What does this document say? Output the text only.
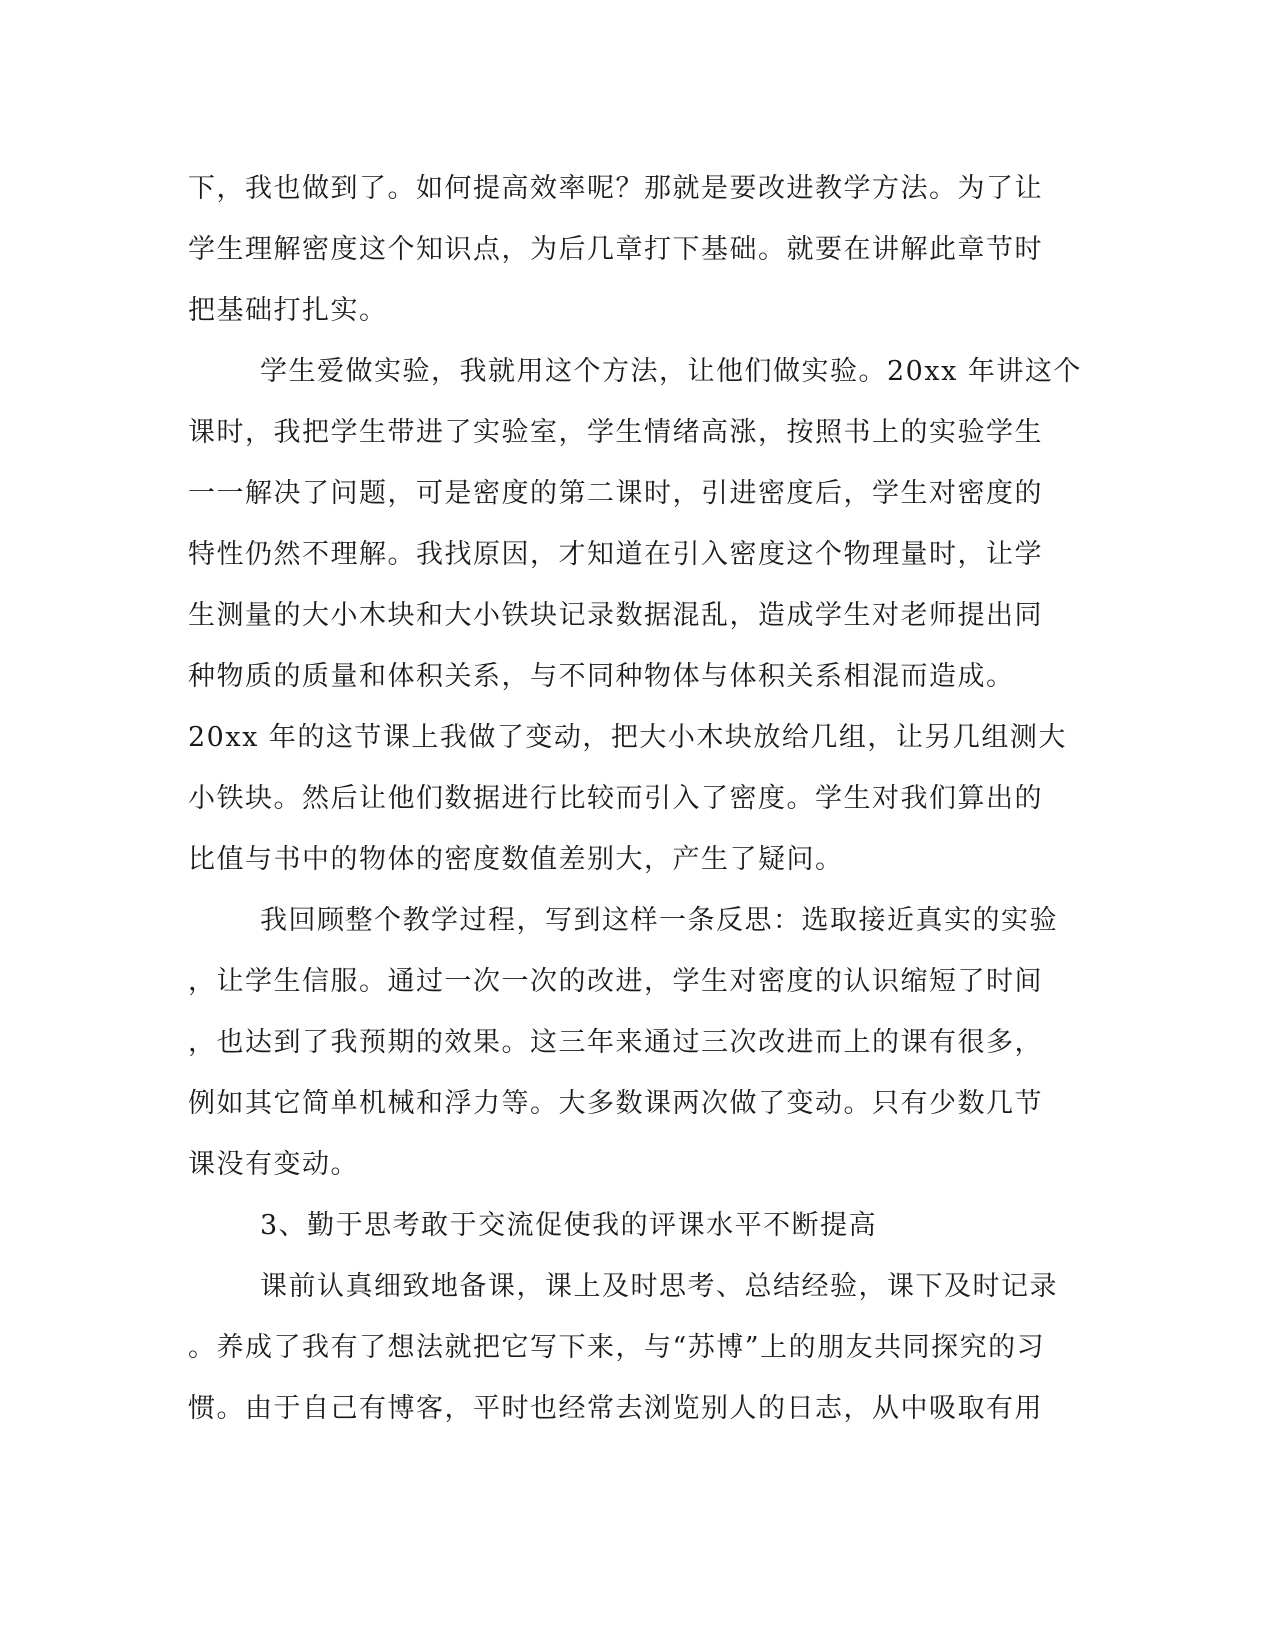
下，我也做到了。如何提高效率呢？那就是要改进教学方法。为了让
学生理解密度这个知识点，为后几章打下基础。就要在讲解此章节时
把基础打扎实。
学生爱做实验，我就用这个方法，让他们做实验。20xx 年讲这个
课时，我把学生带进了实验室，学生情绪高涨，按照书上的实验学生
一一解决了问题，可是密度的第二课时，引进密度后，学生对密度的
特性仍然不理解。我找原因，才知道在引入密度这个物理量时，让学
生测量的大小木块和大小铁块记录数据混乱，造成学生对老师提出同
种物质的质量和体积关系，与不同种物体与体积关系相混而造成。
20xx 年的这节课上我做了变动，把大小木块放给几组，让另几组测大
小铁块。然后让他们数据进行比较而引入了密度。学生对我们算出的
比值与书中的物体的密度数值差别大，产生了疑问。
我回顾整个教学过程，写到这样一条反思：选取接近真实的实验
，让学生信服。通过一次一次的改进，学生对密度的认识缩短了时间
，也达到了我预期的效果。这三年来通过三次改进而上的课有很多，
例如其它简单机械和浮力等。大多数课两次做了变动。只有少数几节
课没有变动。
3、勤于思考敢于交流促使我的评课水平不断提高
课前认真细致地备课，课上及时思考、总结经验，课下及时记录
。养成了我有了想法就把它写下来，与“苏博”上的朋友共同探究的习
惯。由于自己有博客，平时也经常去浏览别人的日志，从中吸取有用
